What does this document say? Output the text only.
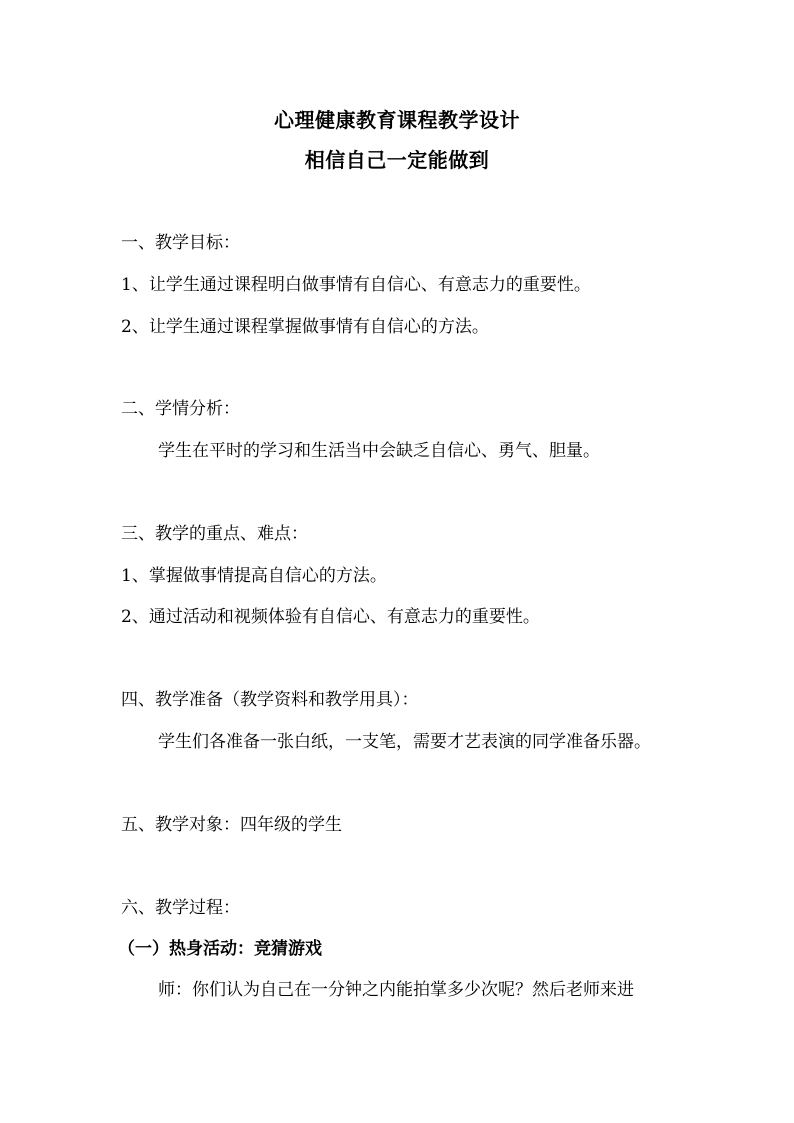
心理健康教育课程教学设计
相信自己一定能做到
一、教学目标：
1、让学生通过课程明白做事情有自信心、有意志力的重要性。
2、让学生通过课程掌握做事情有自信心的方法。
二、学情分析：
学生在平时的学习和生活当中会缺乏自信心、勇气、胆量。
三、教学的重点、难点：
1、掌握做事情提高自信心的方法。
2、通过活动和视频体验有自信心、有意志力的重要性。
四、教学准备（教学资料和教学用具）：
学生们各准备一张白纸，一支笔，需要才艺表演的同学准备乐器。
五、教学对象：四年级的学生
六、教学过程：
（一）热身活动：竞猜游戏
师：你们认为自己在一分钟之内能拍掌多少次呢？然后老师来进
